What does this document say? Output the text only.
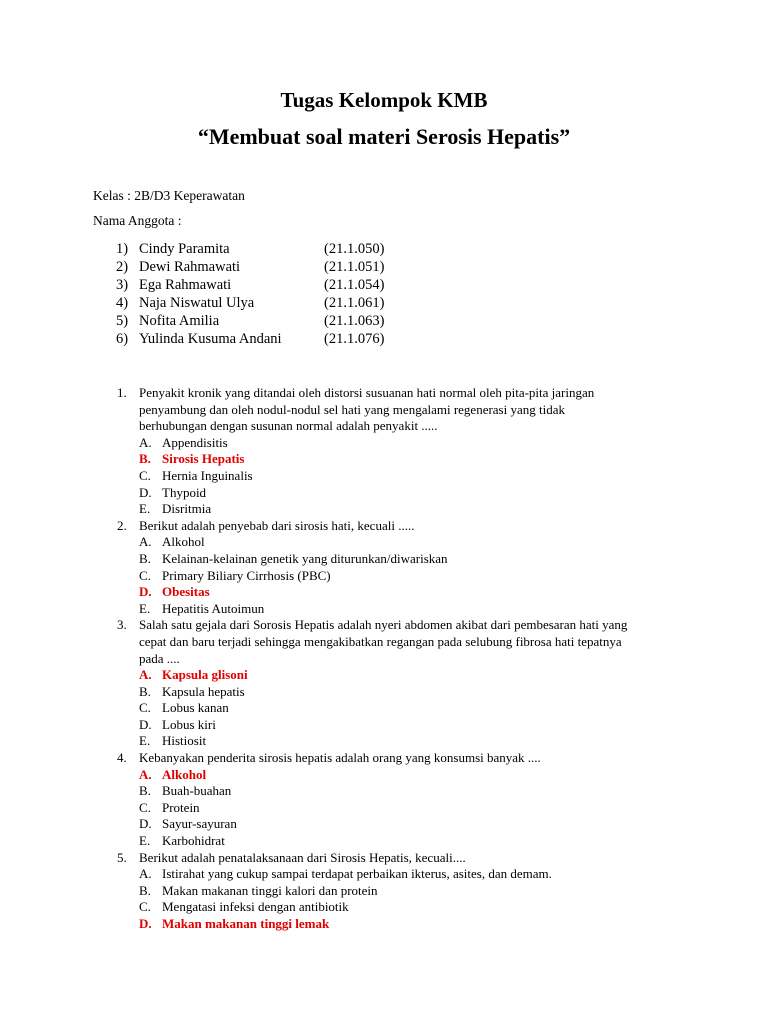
Tugas Kelompok KMB
“Membuat soal materi Serosis Hepatis”
Kelas : 2B/D3 Keperawatan
Nama Anggota :
1) Cindy Paramita	(21.1.050)
2) Dewi Rahmawati	(21.1.051)
3) Ega Rahmawati	(21.1.054)
4) Naja Niswatul Ulya	(21.1.061)
5) Nofita Amilia	(21.1.063)
6) Yulinda Kusuma Andani	(21.1.076)
1. Penyakit kronik yang ditandai oleh distorsi susuanan hati normal oleh pita-pita jaringan
penyambung dan oleh nodul-nodul sel hati yang mengalami regenerasi yang tidak
berhubungan dengan susunan normal adalah penyakit .....
A. Appendisitis
B. Sirosis Hepatis
C. Hernia Inguinalis
D. Thypoid
E. Disritmia
2. Berikut adalah penyebab dari sirosis hati, kecuali .....
A. Alkohol
B. Kelainan-kelainan genetik yang diturunkan/diwariskan
C. Primary Biliary Cirrhosis (PBC)
D. Obesitas
E. Hepatitis Autoimun
3. Salah satu gejala dari Sorosis Hepatis adalah nyeri abdomen akibat dari pembesaran hati yang
cepat dan baru terjadi sehingga mengakibatkan regangan pada selubung fibrosa hati tepatnya
pada ....
A. Kapsula glisoni
B. Kapsula hepatis
C. Lobus kanan
D. Lobus kiri
E. Histiosit
4. Kebanyakan penderita sirosis hepatis adalah orang yang konsumsi banyak ....
A. Alkohol
B. Buah-buahan
C. Protein
D. Sayur-sayuran
E. Karbohidrat
5. Berikut adalah penatalaksanaan dari Sirosis Hepatis, kecuali....
A. Istirahat yang cukup sampai terdapat perbaikan ikterus, asites, dan demam.
B. Makan makanan tinggi kalori dan protein
C. Mengatasi infeksi dengan antibiotik
D. Makan makanan tinggi lemak
